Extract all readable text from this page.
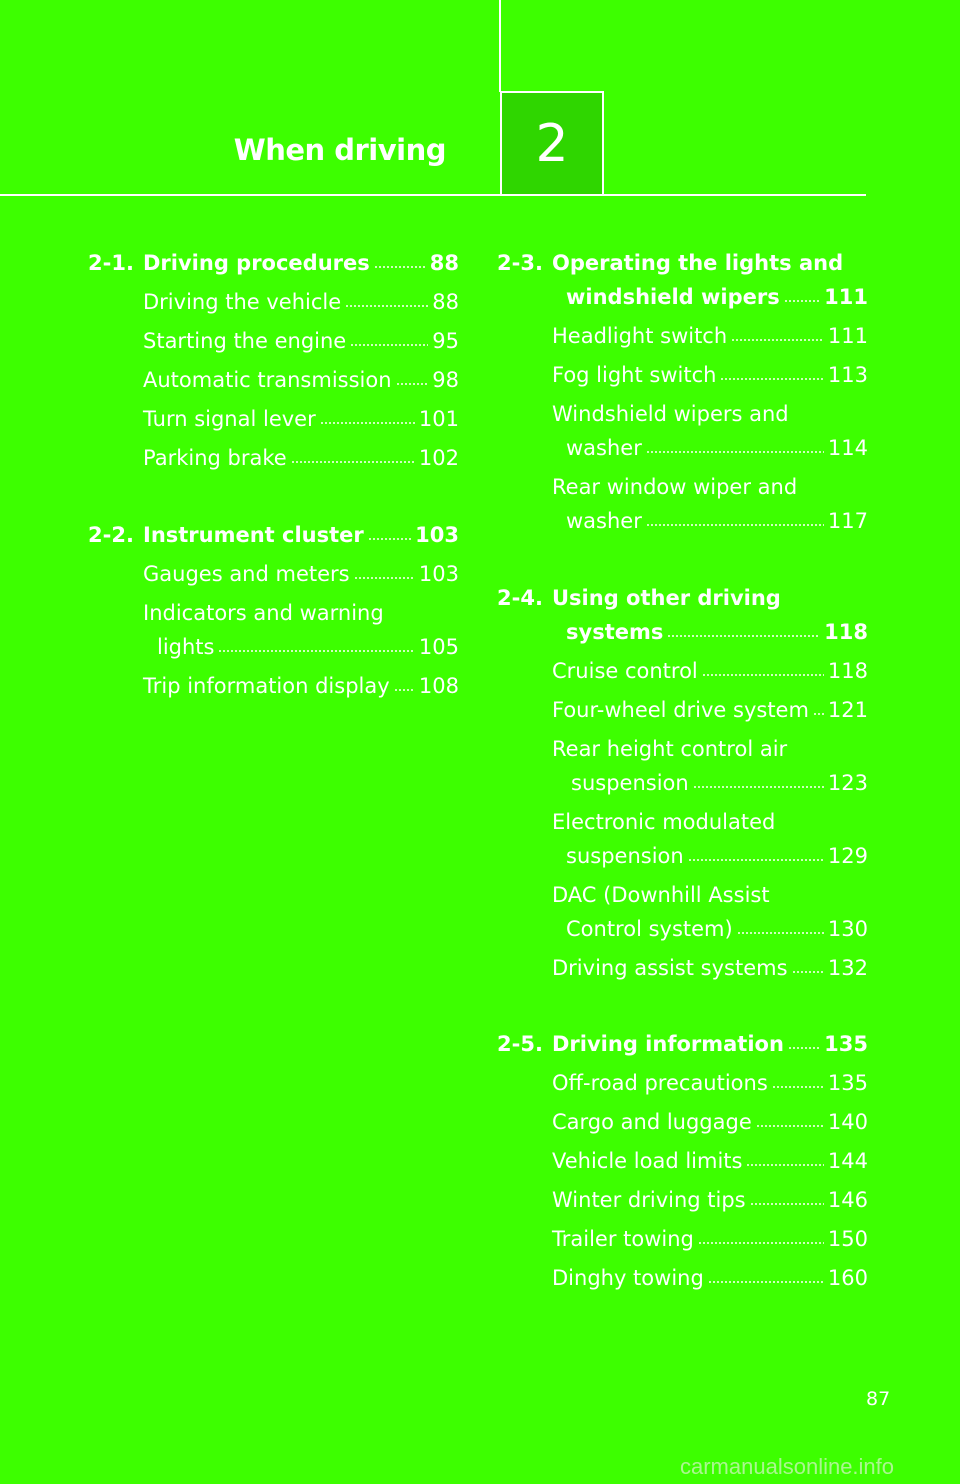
When driving 2
2-1. Driving procedures	88
Driving the vehicle	88
Starting the engine	95
Automatic transmission 98
Turn signal lever	101
Parking brake	102
2-2. Instrument cluster 103
Gauges and meters	103
Indicators and warning
lights	105
Trip information display 108
2-3. Operating the lights and
windshield wipers 111
Headlight switch	111
Fog light switch	113
Windshield wipers and
washer	114
Rear window wiper and
washer	117
2-4. Using other driving
systems	118
Cruise control	118
Four-wheel drive system 121
Rear height control air
suspension	123
Electronic modulated
suspension	129
DAC (Downhill Assist
Control system)	130
Driving assist systems 132
2-5. Driving information 135
Off-road precautions	135
Cargo and luggage	140
Vehicle load limits	144
Winter driving tips	146
Trailer towing	150
Dinghy towing	160
87
carmanualsonline.info
